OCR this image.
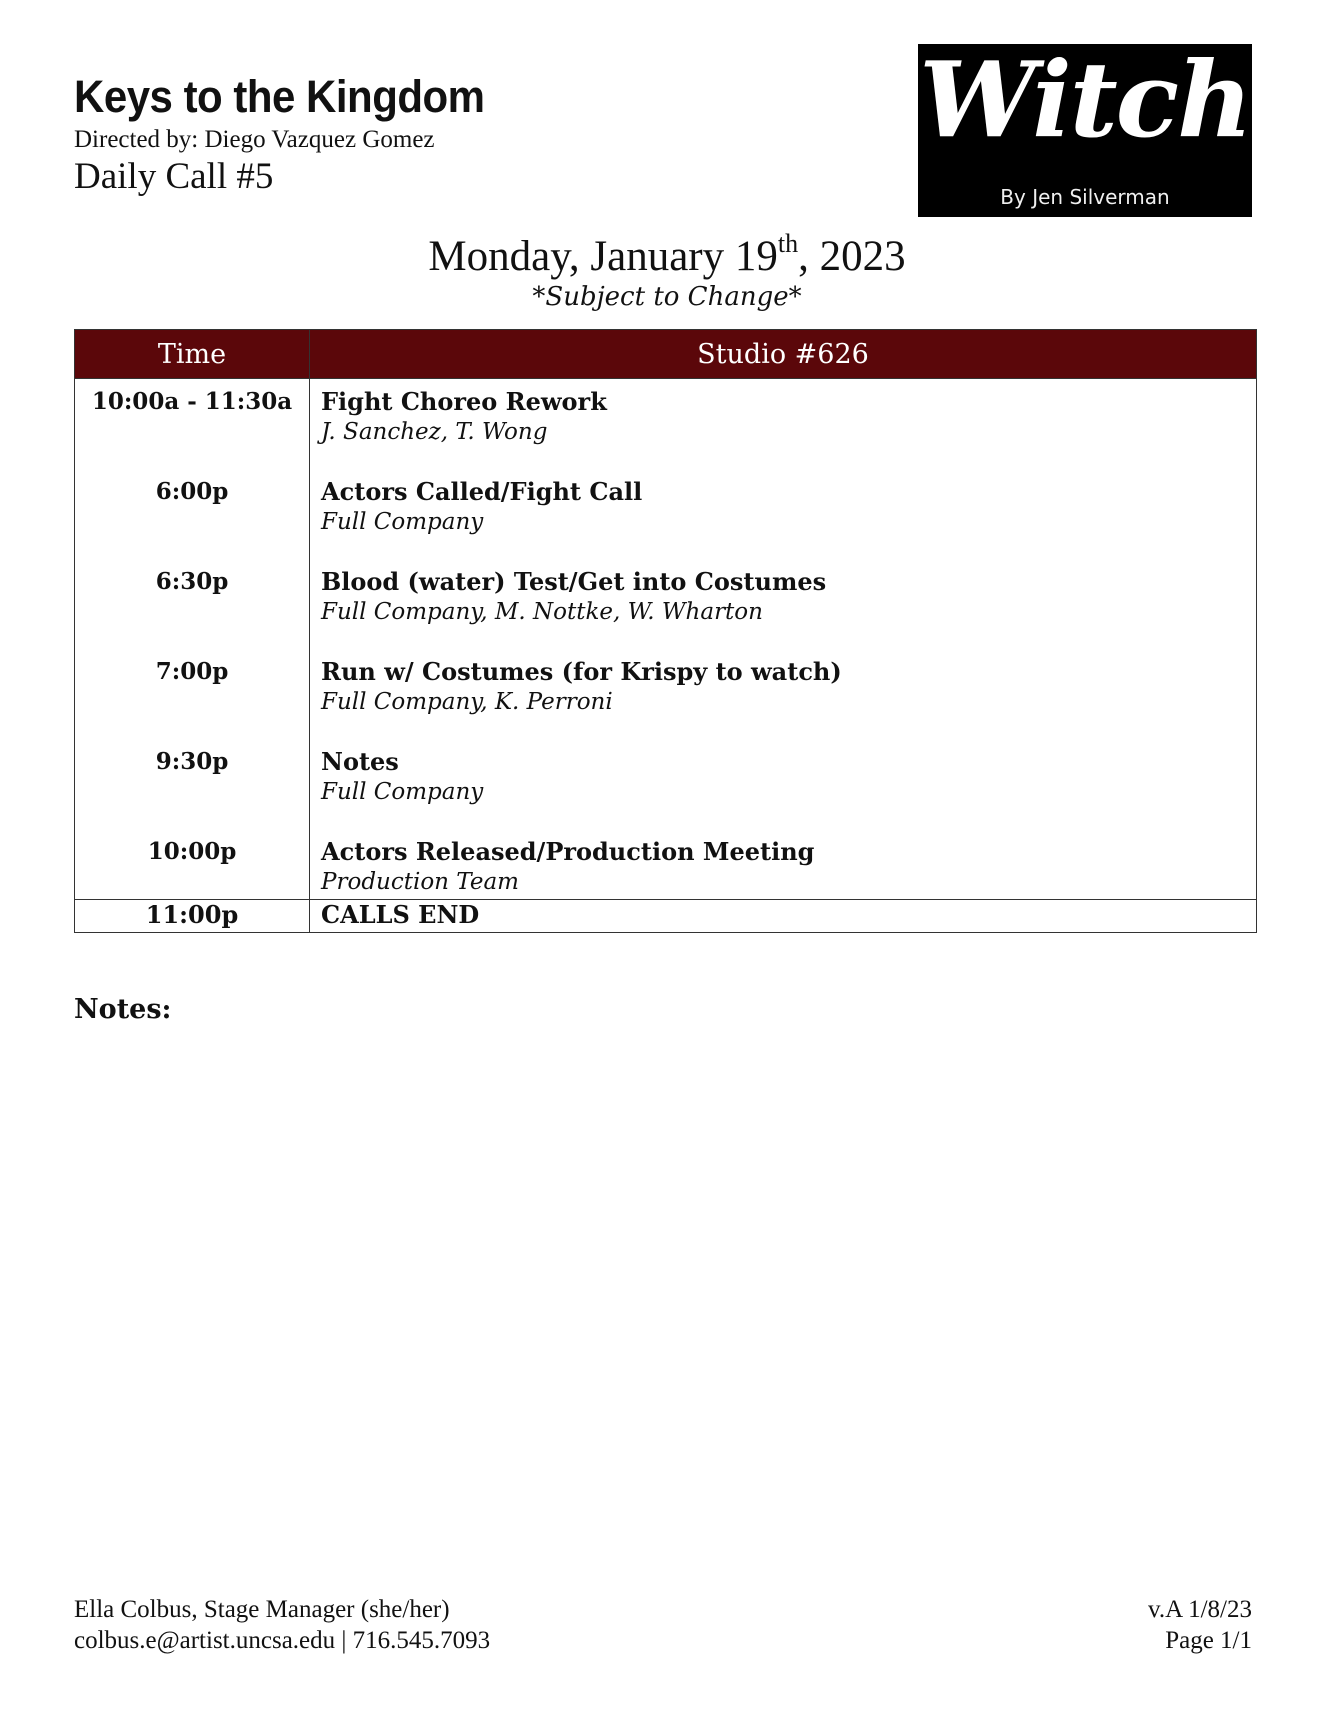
Keys to the Kingdom
Directed by: Diego Vazquez Gomez
Daily Call #5
Witch
By Jen Silverman
Monday, January 19th, 2023
*Subject to Change*
Time	Studio #626
10:00a - 11:30a	Fight Choreo Rework
J. Sanchez, T. Wong

6:00p	Actors Called/Fight Call
Full Company

6:30p	Blood (water) Test/Get into Costumes
Full Company, M. Nottke, W. Wharton

7:00p	Run w/ Costumes (for Krispy to watch)
Full Company, K. Perroni

9:30p	Notes
Full Company

10:00p	Actors Released/Production Meeting
Production Team

11:00p	CALLS END
Notes:
Ella Colbus, Stage Manager (she/her)
colbus.e@artist.uncsa.edu | 716.545.7093
v.A 1/8/23
Page 1/1
